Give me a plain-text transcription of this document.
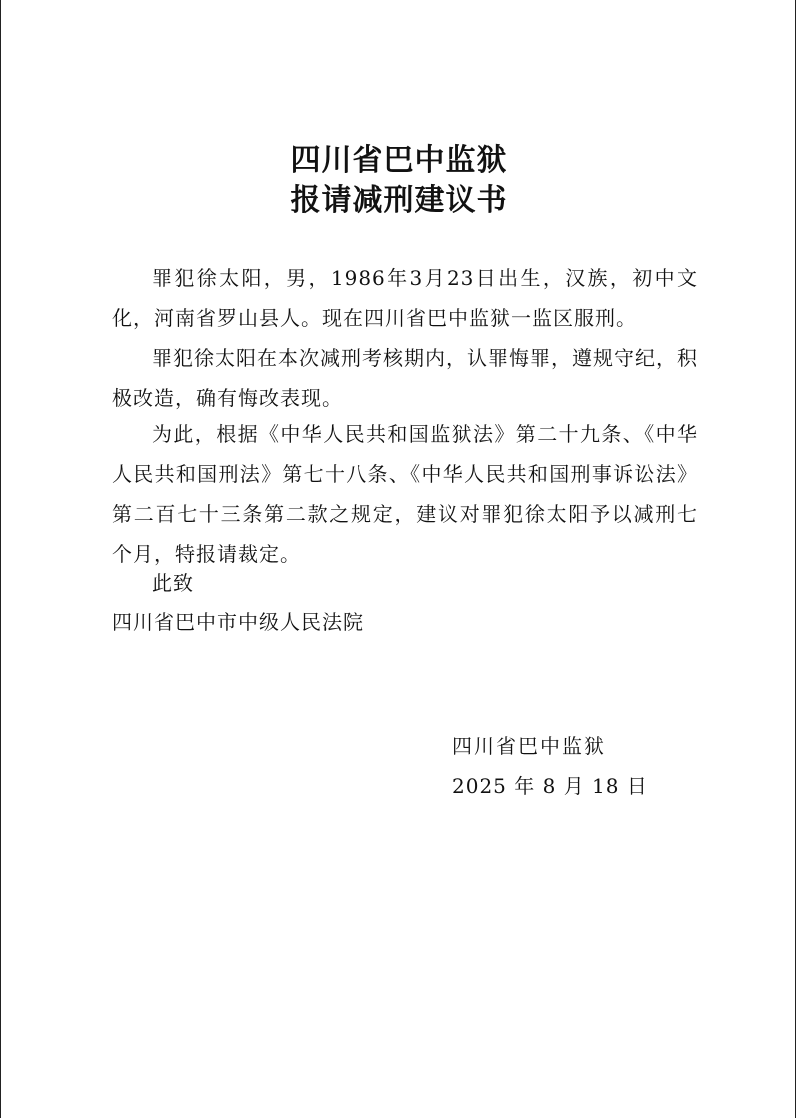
四川省巴中监狱
报请减刑建议书

罪犯徐太阳，男，1986年3月23日出生，汉族，初中文化，河南省罗山县人。现在四川省巴中监狱一监区服刑。

罪犯徐太阳在本次减刑考核期内，认罪悔罪，遵规守纪，积极改造，确有悔改表现。

为此，根据《中华人民共和国监狱法》第二十九条、《中华人民共和国刑法》第七十八条、《中华人民共和国刑事诉讼法》第二百七十三条第二款之规定，建议对罪犯徐太阳予以减刑七个月，特报请裁定。

此致
四川省巴中市中级人民法院
四川省巴中监狱
2025 年 8 月 18 日
